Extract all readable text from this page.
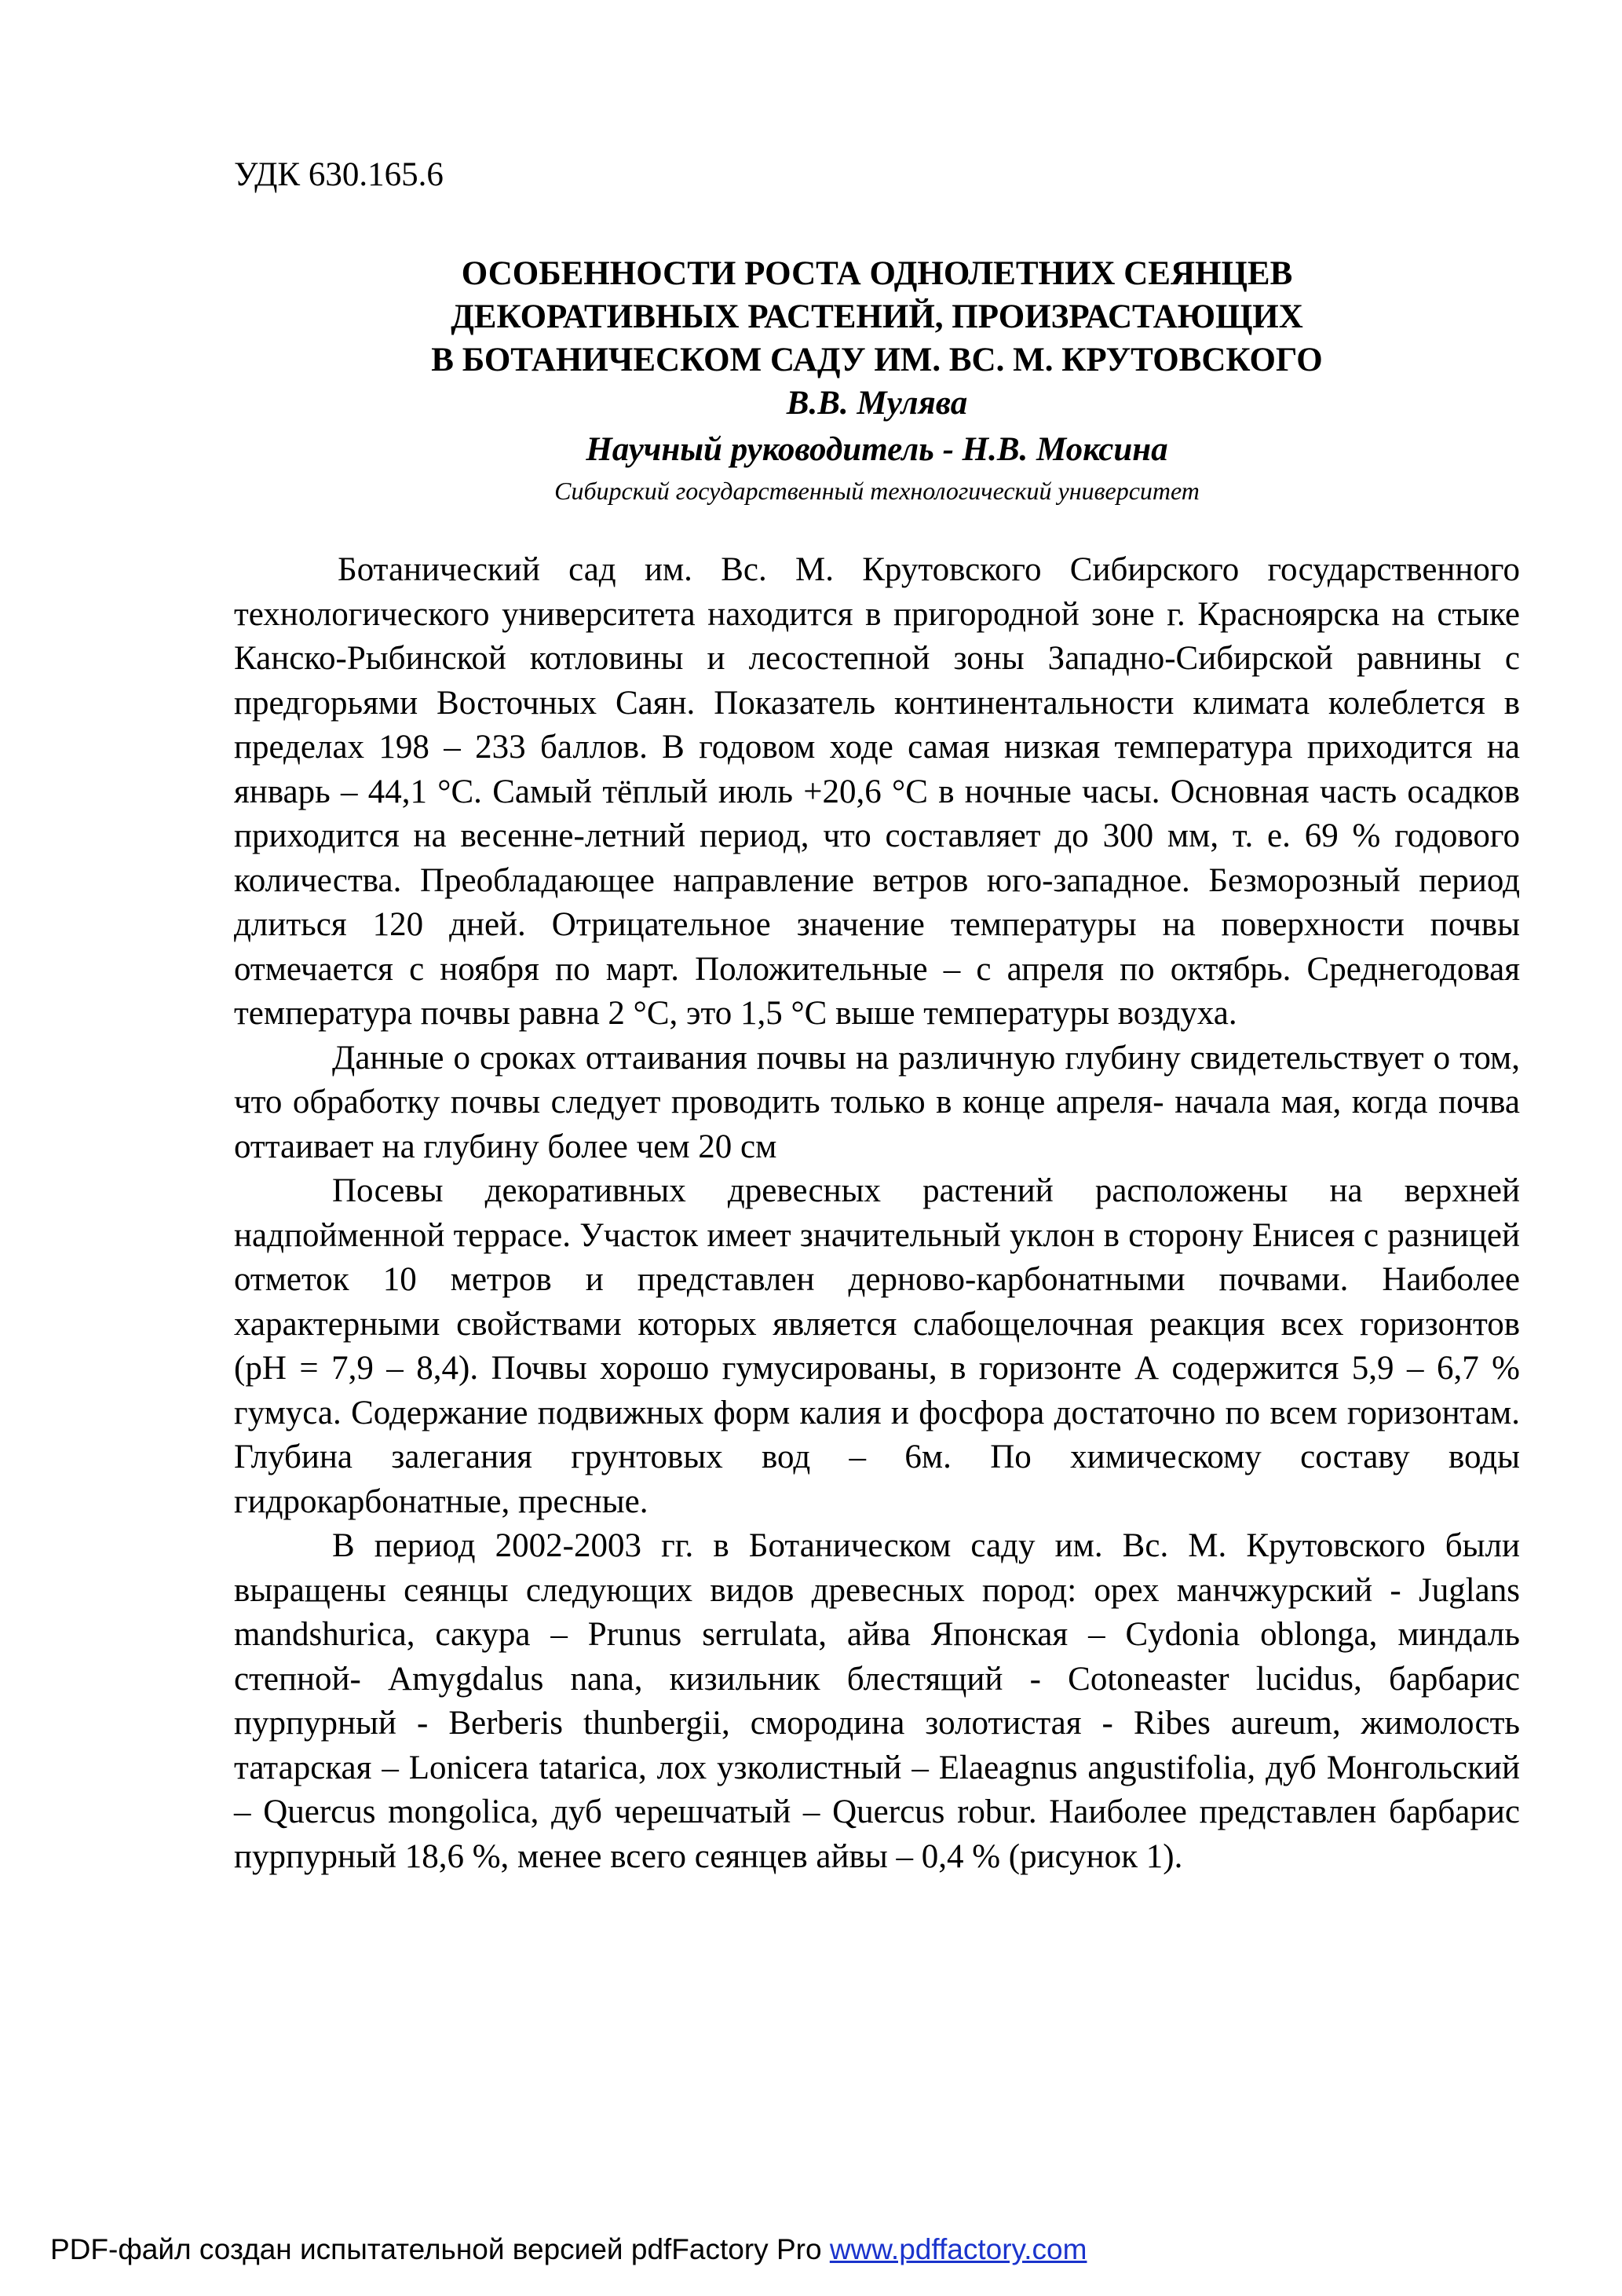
УДК 630.165.6

ОСОБЕННОСТИ РОСТА ОДНОЛЕТНИХ СЕЯНЦЕВ
ДЕКОРАТИВНЫХ РАСТЕНИЙ, ПРОИЗРАСТАЮЩИХ
В БОТАНИЧЕСКОМ САДУ ИМ. ВС. М. КРУТОВСКОГО

В.В. Мулява

Научный руководитель - Н.В. Моксина

Сибирский государственный технологический университет

Ботанический сад им. Вс. М. Крутовского Сибирского государственного технологического университета находится в пригородной зоне г. Красноярска на стыке Канско-Рыбинской котловины и лесостепной зоны Западно-Сибирской равнины с предгорьями Восточных Саян. Показатель континентальности климата колеблется в пределах 198 – 233 баллов. В годовом ходе самая низкая температура приходится на январь – 44,1 °С. Самый тёплый июль +20,6 °С в ночные часы. Основная часть осадков приходится на весенне-летний период, что составляет до 300 мм, т. е. 69 % годового количества. Преобладающее направление ветров юго-западное. Безморозный период длиться 120 дней. Отрицательное значение температуры на поверхности почвы отмечается с ноября по март. Положительные – с апреля по октябрь. Среднегодовая температура почвы равна 2 °С, это 1,5 °С выше температуры воздуха.

Данные о сроках оттаивания почвы на различную глубину свидетельствует о том, что обработку почвы следует проводить только в конце апреля- начала мая, когда почва оттаивает на глубину более чем 20 см

Посевы декоративных древесных растений расположены на верхней надпойменной террасе. Участок имеет значительный уклон в сторону Енисея с разницей отметок 10 метров и представлен дерново-карбонатными почвами. Наиболее характерными свойствами которых является слабощелочная реакция всех горизонтов (рН = 7,9 – 8,4). Почвы хорошо гумусированы, в горизонте А содержится 5,9 – 6,7 % гумуса. Содержание подвижных форм калия и фосфора достаточно по всем горизонтам. Глубина залегания грунтовых вод – 6м. По химическому составу воды гидрокарбонатные, пресные.

В период 2002-2003 гг. в Ботаническом саду им. Вс. М. Крутовского были выращены сеянцы следующих видов древесных пород: орех манчжурский - Juglans mandshurica, сакура – Prunus serrulata, айва Японская – Cydonia oblonga, миндаль степной- Amygdalus nana, кизильник блестящий - Cotoneaster lucidus, барбарис пурпурный - Berberis thunbergii, смородина золотистая - Ribes aureum, жимолость татарская – Lonicera tatarica, лох узколистный – Elaeagnus angustifolia, дуб Монгольский – Quercus mongolica, дуб черешчатый – Quercus robur. Наиболее представлен барбарис пурпурный 18,6 %, менее всего сеянцев айвы – 0,4 % (рисунок 1).

PDF-файл создан испытательной версией pdfFactory Pro www.pdffactory.com
